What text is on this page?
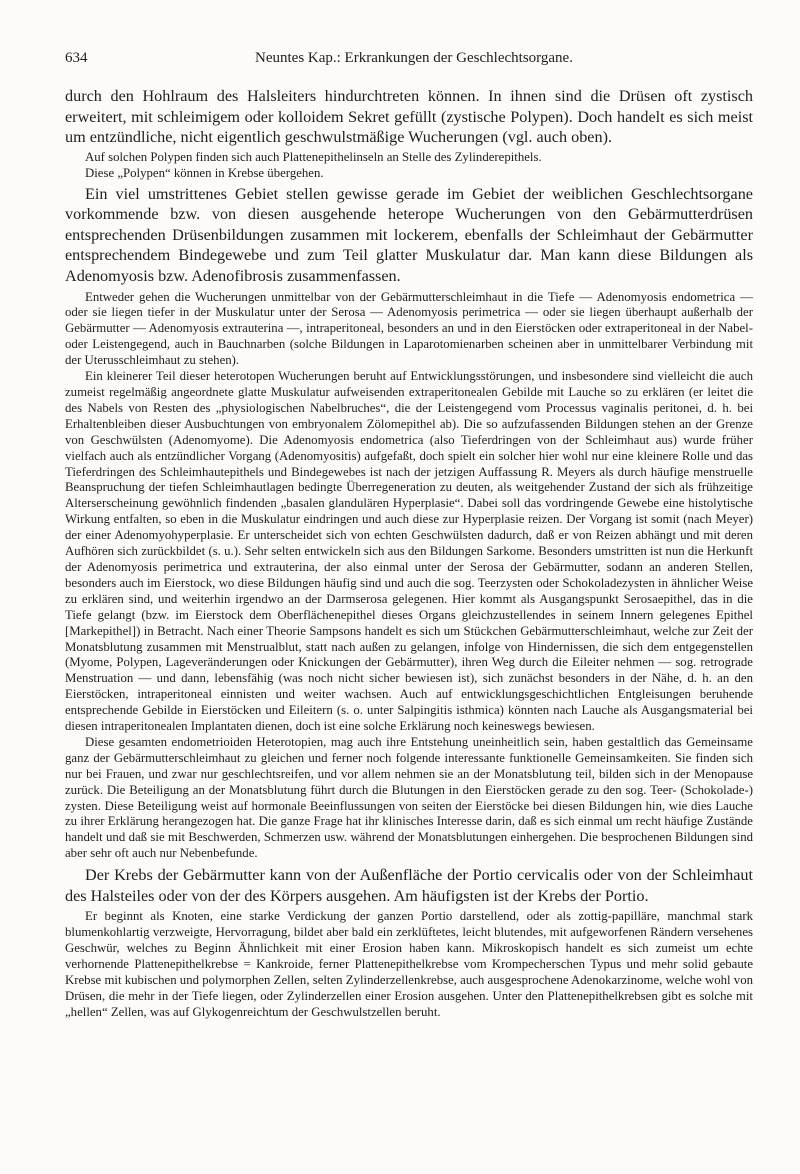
634	Neuntes Kap.: Erkrankungen der Geschlechtsorgane.

durch den Hohlraum des Halsleiters hindurchtreten können. In ihnen sind die Drüsen oft zystisch erweitert, mit schleimigem oder kolloidem Sekret gefüllt (zystische Polypen). Doch handelt es sich meist um entzündliche, nicht eigentlich geschwulstmäßige Wucherungen (vgl. auch oben).

Auf solchen Polypen finden sich auch Plattenepithelinseln an Stelle des Zylinderepithels.

Diese „Polypen“ können in Krebse übergehen.

Ein viel umstrittenes Gebiet stellen gewisse gerade im Gebiet der weiblichen Geschlechtsorgane vorkommende bzw. von diesen ausgehende heterope Wucherungen von den Gebärmutterdrüsen entsprechenden Drüsenbildungen zusammen mit lockerem, ebenfalls der Schleimhaut der Gebärmutter entsprechendem Bindegewebe und zum Teil glatter Muskulatur dar. Man kann diese Bildungen als Adenomyosis bzw. Adenofibrosis zusammenfassen.

Entweder gehen die Wucherungen unmittelbar von der Gebärmutterschleimhaut in die Tiefe — Adenomyosis endometrica — oder sie liegen tiefer in der Muskulatur unter der Serosa — Adenomyosis perimetrica — oder sie liegen überhaupt außerhalb der Gebärmutter — Adenomyosis extrauterina —, intraperitoneal, besonders an und in den Eierstöcken oder extraperitoneal in der Nabel- oder Leistengegend, auch in Bauchnarben (solche Bildungen in Laparotomienarben scheinen aber in unmittelbarer Verbindung mit der Uterusschleimhaut zu stehen).

Ein kleinerer Teil dieser heterotopen Wucherungen beruht auf Entwicklungsstörungen, und insbesondere sind vielleicht die auch zumeist regelmäßig angeordnete glatte Muskulatur aufweisenden extraperitonealen Gebilde mit Lauche so zu erklären (er leitet die des Nabels von Resten des „physiologischen Nabelbruches“, die der Leistengegend vom Processus vaginalis peritonei, d. h. bei Erhaltenbleiben dieser Ausbuchtungen von embryonalem Zölomepithel ab). Die so aufzufassenden Bildungen stehen an der Grenze von Geschwülsten (Adenomyome). Die Adenomyosis endometrica (also Tieferdringen von der Schleimhaut aus) wurde früher vielfach auch als entzündlicher Vorgang (Adenomyositis) aufgefaßt, doch spielt ein solcher hier wohl nur eine kleinere Rolle und das Tieferdringen des Schleimhautepithels und Bindegewebes ist nach der jetzigen Auffassung R. Meyers als durch häufige menstruelle Beanspruchung der tiefen Schleimhautlagen bedingte Überregeneration zu deuten, als weitgehender Zustand der sich als frühzeitige Alterserscheinung gewöhnlich findenden „basalen glandulären Hyperplasie“. Dabei soll das vordringende Gewebe eine histolytische Wirkung entfalten, so eben in die Muskulatur eindringen und auch diese zur Hyperplasie reizen. Der Vorgang ist somit (nach Meyer) der einer Adenomyohyperplasie. Er unterscheidet sich von echten Geschwülsten dadurch, daß er von Reizen abhängt und mit deren Aufhören sich zurückbildet (s. u.). Sehr selten entwickeln sich aus den Bildungen Sarkome. Besonders umstritten ist nun die Herkunft der Adenomyosis perimetrica und extrauterina, der also einmal unter der Serosa der Gebärmutter, sodann an anderen Stellen, besonders auch im Eierstock, wo diese Bildungen häufig sind und auch die sog. Teerzysten oder Schokoladezysten in ähnlicher Weise zu erklären sind, und weiterhin irgendwo an der Darmserosa gelegenen. Hier kommt als Ausgangspunkt Serosaepithel, das in die Tiefe gelangt (bzw. im Eierstock dem Oberflächenepithel dieses Organs gleichzustellendes in seinem Innern gelegenes Epithel [Markepithel]) in Betracht. Nach einer Theorie Sampsons handelt es sich um Stückchen Gebärmutterschleimhaut, welche zur Zeit der Monatsblutung zusammen mit Menstrualblut, statt nach außen zu gelangen, infolge von Hindernissen, die sich dem entgegenstellen (Myome, Polypen, Lageveränderungen oder Knickungen der Gebärmutter), ihren Weg durch die Eileiter nehmen — sog. retrograde Menstruation — und dann, lebensfähig (was noch nicht sicher bewiesen ist), sich zunächst besonders in der Nähe, d. h. an den Eierstöcken, intraperitoneal einnisten und weiter wachsen. Auch auf entwicklungsgeschichtlichen Entgleisungen beruhende entsprechende Gebilde in Eierstöcken und Eileitern (s. o. unter Salpingitis isthmica) könnten nach Lauche als Ausgangsmaterial bei diesen intraperitonealen Implantaten dienen, doch ist eine solche Erklärung noch keineswegs bewiesen.

Diese gesamten endometrioiden Heterotopien, mag auch ihre Entstehung uneinheitlich sein, haben gestaltlich das Gemeinsame ganz der Gebärmutterschleimhaut zu gleichen und ferner noch folgende interessante funktionelle Gemeinsamkeiten. Sie finden sich nur bei Frauen, und zwar nur geschlechtsreifen, und vor allem nehmen sie an der Monatsblutung teil, bilden sich in der Menopause zurück. Die Beteiligung an der Monatsblutung führt durch die Blutungen in den Eierstöcken gerade zu den sog. Teer- (Schokolade-) zysten. Diese Beteiligung weist auf hormonale Beeinflussungen von seiten der Eierstöcke bei diesen Bildungen hin, wie dies Lauche zu ihrer Erklärung herangezogen hat. Die ganze Frage hat ihr klinisches Interesse darin, daß es sich einmal um recht häufige Zustände handelt und daß sie mit Beschwerden, Schmerzen usw. während der Monatsblutungen einhergehen. Die besprochenen Bildungen sind aber sehr oft auch nur Nebenbefunde.

Der Krebs der Gebärmutter kann von der Außenfläche der Portio cervicalis oder von der Schleimhaut des Halsteiles oder von der des Körpers ausgehen. Am häufigsten ist der Krebs der Portio.

Er beginnt als Knoten, eine starke Verdickung der ganzen Portio darstellend, oder als zottig-papilläre, manchmal stark blumenkohlartig verzweigte, Hervorragung, bildet aber bald ein zerklüftetes, leicht blutendes, mit aufgeworfenen Rändern versehenes Geschwür, welches zu Beginn Ähnlichkeit mit einer Erosion haben kann. Mikroskopisch handelt es sich zumeist um echte verhornende Plattenepithelkrebse = Kankroide, ferner Plattenepithelkrebse vom Krompecherschen Typus und mehr solid gebaute Krebse mit kubischen und polymorphen Zellen, selten Zylinderzellenkrebse, auch ausgesprochene Adenokarzinome, welche wohl von Drüsen, die mehr in der Tiefe liegen, oder Zylinderzellen einer Erosion ausgehen. Unter den Plattenepithelkrebsen gibt es solche mit „hellen“ Zellen, was auf Glykogenreichtum der Geschwulstzellen beruht.
